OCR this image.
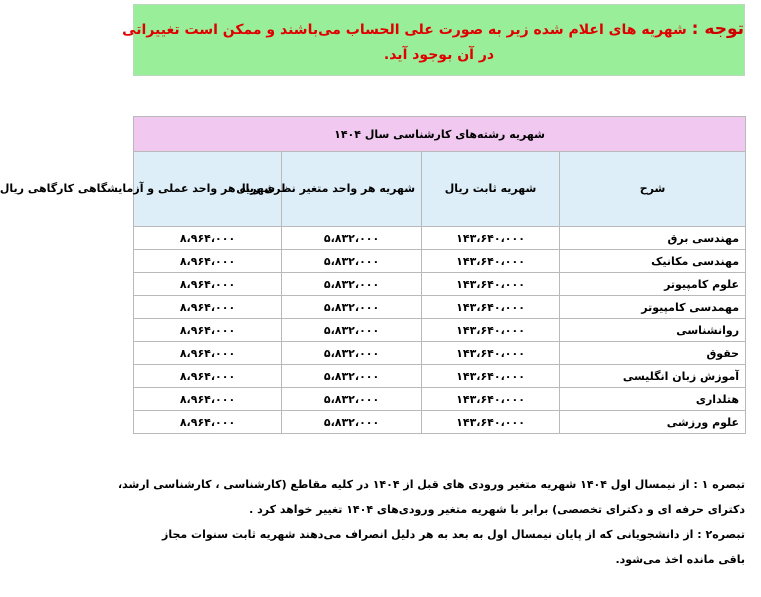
توجه : شهریه های اعلام شده زیر به صورت علی الحساب می‌باشند و ممکن است تغییراتی
در آن بوجود آید.
شهریه رشته‌های کارشناسی سال ۱۴۰۴			
شرح	شهریه ثابت ریال	شهریه هر واحد متغیر نظری ریال	شهریه هر واحد عملی و آزمایشگاهی کارگاهی ریال
مهندسی برق	۱۴۳،۶۴۰،۰۰۰	۵،۸۳۲،۰۰۰	۸،۹۶۴،۰۰۰
مهندسی مکانیک	۱۴۳،۶۴۰،۰۰۰	۵،۸۳۲،۰۰۰	۸،۹۶۴،۰۰۰
علوم کامپیوتر	۱۴۳،۶۴۰،۰۰۰	۵،۸۳۲،۰۰۰	۸،۹۶۴،۰۰۰
مهمدسی کامپیوتر	۱۴۳،۶۴۰،۰۰۰	۵،۸۳۲،۰۰۰	۸،۹۶۴،۰۰۰
روانشناسی	۱۴۳،۶۴۰،۰۰۰	۵،۸۳۲،۰۰۰	۸،۹۶۴،۰۰۰
حقوق	۱۴۳،۶۴۰،۰۰۰	۵،۸۳۲،۰۰۰	۸،۹۶۴،۰۰۰
آموزش زبان انگلیسی	۱۴۳،۶۴۰،۰۰۰	۵،۸۳۲،۰۰۰	۸،۹۶۴،۰۰۰
هتلداری	۱۴۳،۶۴۰،۰۰۰	۵،۸۳۲،۰۰۰	۸،۹۶۴،۰۰۰
علوم ورزشی	۱۴۳،۶۴۰،۰۰۰	۵،۸۳۲،۰۰۰	۸،۹۶۴،۰۰۰

تبصره ۱ : از نیمسال اول ۱۴۰۴ شهریه متغیر ورودی های قبل از ۱۴۰۴ در کلیه مقاطع (کارشناسی ، کارشناسی ارشد،

دکترای حرفه ای و دکترای تخصصی) برابر با شهریه متغیر ورودی‌های ۱۴۰۴ تغییر خواهد کرد .

تبصره۲ : از دانشجویانی که از پایان نیمسال اول به بعد به هر دلیل انصراف می‌دهند شهریه ثابت سنوات مجاز

باقی مانده اخذ می‌شود.
